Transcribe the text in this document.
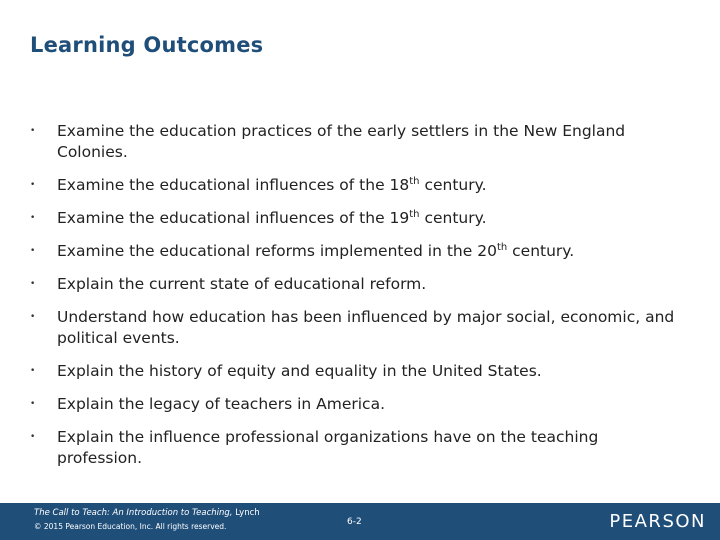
Learning Outcomes
• Examine the education practices of the early settlers in the New England Colonies.
• Examine the educational influences of the 18th century.
• Examine the educational influences of the 19th century.
• Examine the educational reforms implemented in the 20th century.
• Explain the current state of educational reform.
• Understand how education has been influenced by major social, economic, and political events.
• Explain the history of equity and equality in the United States.
• Explain the legacy of teachers in America.
• Explain the influence professional organizations have on the teaching profession.
The Call to Teach: An Introduction to Teaching, Lynch
© 2015 Pearson Education, Inc. All rights reserved.	6-2	PEARSON
